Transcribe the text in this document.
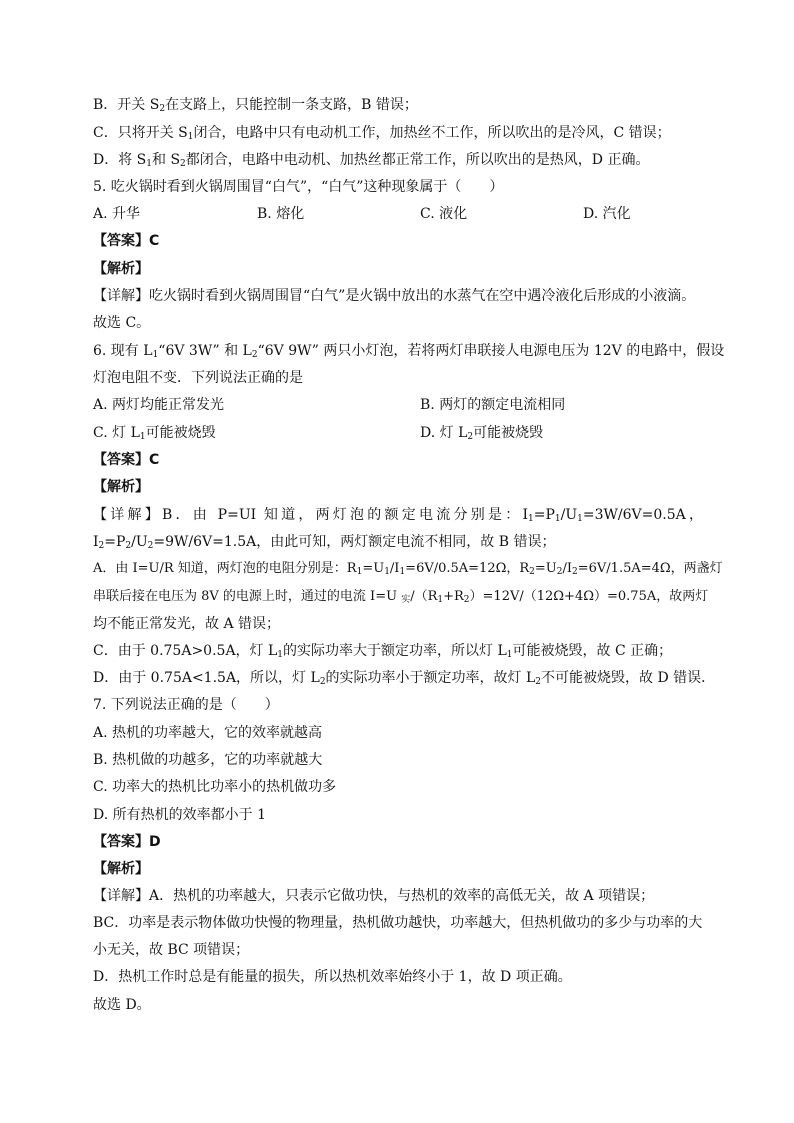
B．开关 $S_2$在支路上，只能控制一条支路，B 错误；
C．只将开关 $S_1$闭合，电路中只有电动机工作，加热丝不工作，所以吹出的是冷风，C 错误；
D．将 $S_1$和 $S_2$都闭合，电路中电动机、加热丝都正常工作，所以吹出的是热风，D 正确。
5. 吃火锅时看到火锅周围冒“白气”，“白气”这种现象属于（　　）
A. 升华	B. 熔化	C. 液化	D. 汽化
【答案】C
【解析】
【详解】吃火锅时看到火锅周围冒“白气”是火锅中放出的水蒸气在空中遇冷液化后形成的小液滴。
故选 C。
6. 现有 $L_1“6V$ 3W” 和 $L_2“6V$ 9W” 两只小灯泡，若将两灯串联接人电源电压为 12V 的电路中，假设
灯泡电阻不变．下列说法正确的是
A. 两灯均能正常发光	B. 两灯的额定电流相同
C. 灯 $L_1$可能被烧毁	D. 灯 $L_2$可能被烧毁
【答案】C
【解析】
【详解】B．由 P=UI 知道，两灯泡的额定电流分别是：$I_1=P_1/U_1=3W/6V=0.5A$，
$I_2=P_2/U_2=9W/6V=1.5A$，由此可知，两灯额定电流不相同，故 B 错误；
A．由 I=U/R 知道，两灯泡的电阻分别是：$R_1=U_1/I_1=6V/0.5A=12\Omega$，$R_2=U_2/I_2=6V/1.5A=4\Omega$，两盏灯
串联后接在电压为 8V 的电源上时，通过的电流 I=U $_实/(R_1+R_2)=12V/(12\Omega+4\Omega)=0.75A$，故两灯
均不能正常发光，故 A 错误；
C．由于 0.75A>0.5A，灯 $L_1$的实际功率大于额定功率，所以灯 $L_1$可能被烧毁，故 C 正确；
D．由于 0.75A<1.5A，所以，灯 $L_2$的实际功率小于额定功率，故灯 $L_2$不可能被烧毁，故 D 错误．
7. 下列说法正确的是（　　）
A. 热机的功率越大，它的效率就越高
B. 热机做的功越多，它的功率就越大
C. 功率大的热机比功率小的热机做功多
D. 所有热机的效率都小于 1
【答案】D
【解析】
【详解】A．热机的功率越大，只表示它做功快，与热机的效率的高低无关，故 A 项错误；
BC．功率是表示物体做功快慢的物理量，热机做功越快，功率越大，但热机做功的多少与功率的大
小无关，故 BC 项错误；
D．热机工作时总是有能量的损失，所以热机效率始终小于 1，故 D 项正确。
故选 D。
